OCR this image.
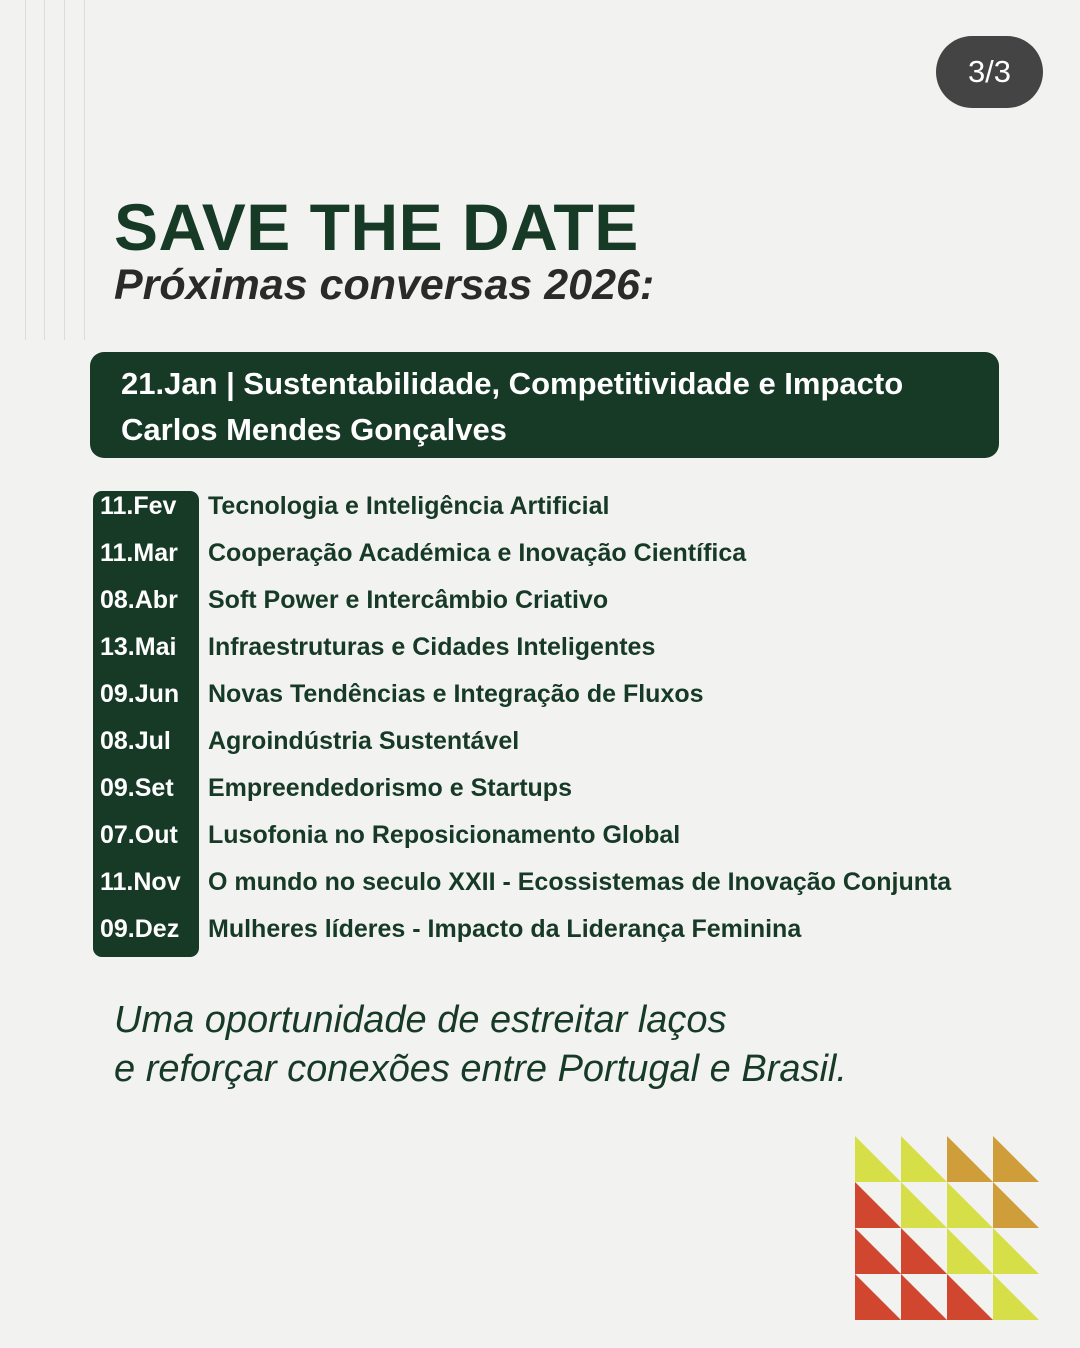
3/3
SAVE THE DATE
Próximas conversas 2026:
21.Jan | Sustentabilidade, Competitividade e Impacto
Carlos Mendes Gonçalves
11.Fev Tecnologia e Inteligência Artificial
11.Mar Cooperação Académica e Inovação Científica
08.Abr Soft Power e Intercâmbio Criativo
13.Mai Infraestruturas e Cidades Inteligentes
09.Jun Novas Tendências e Integração de Fluxos
08.Jul Agroindústria Sustentável
09.Set Empreendedorismo e Startups
07.Out Lusofonia no Reposicionamento Global
11.Nov O mundo no seculo XXII - Ecossistemas de Inovação Conjunta
09.Dez Mulheres líderes - Impacto da Liderança Feminina
Uma oportunidade de estreitar laços
e reforçar conexões entre Portugal e Brasil.
